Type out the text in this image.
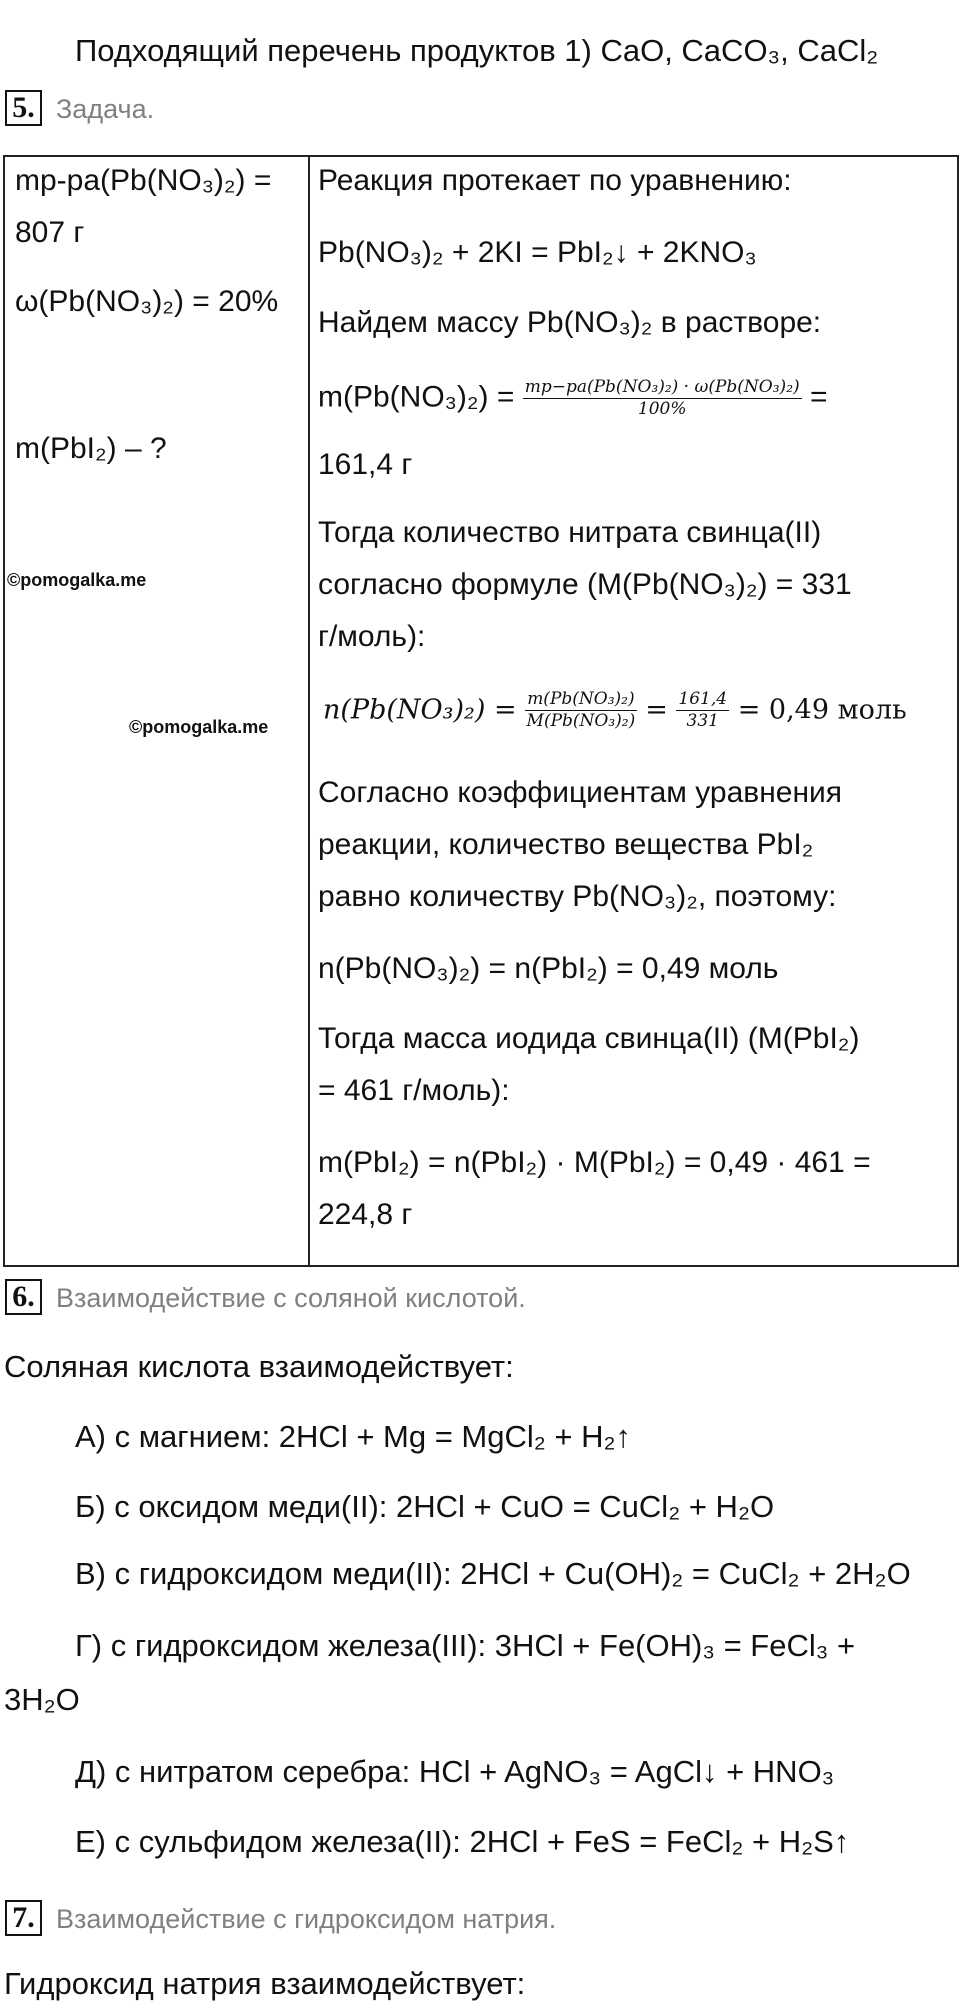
Подходящий перечень продуктов 1) CaO, CaCO₃, CaCl₂
5. Задача.
mр-ра(Pb(NO₃)₂) =
807 г
ω(Pb(NO₃)₂) = 20%
m(PbI₂) – ?
©pomogalka.me
©pomogalka.me
Реакция протекает по уравнению:
Pb(NO₃)₂ + 2KI = PbI₂↓ + 2KNO₃
Найдем массу Pb(NO₃)₂ в растворе:
$m(Pb(NO_3)_2) = \frac{\text{mр−ра(Pb(NO₃)₂) · ω(Pb(NO₃)₂)}}{100\%}$ =
161,4 г
Тогда количество нитрата свинца(II)
согласно формуле (M(Pb(NO₃)₂) = 331
г/моль):
$n(Pb(NO_3)_2) = \frac{\text{m(Pb(NO₃)₂)}}{\text{M(Pb(NO₃)₂)}} = \frac{161,4}{331} = 0,49$ моль
Согласно коэффициентам уравнения
реакции, количество вещества PbI₂
равно количеству Pb(NO₃)₂, поэтому:
n(Pb(NO₃)₂) = n(PbI₂) = 0,49 моль
Тогда масса иодида свинца(II) (M(PbI₂)
= 461 г/моль):
m(PbI₂) = n(PbI₂) · M(PbI₂) = 0,49 · 461 =
224,8 г
6. Взаимодействие с соляной кислотой.
Соляная кислота взаимодействует:
А) с магнием: 2HCl + Mg = MgCl₂ + H₂↑
Б) с оксидом меди(II): 2HCl + CuO = CuCl₂ + H₂O
В) с гидроксидом меди(II): 2HCl + Cu(OH)₂ = CuCl₂ + 2H₂O
Г) с гидроксидом железа(III): 3HCl + Fe(OH)₃ = FeCl₃ +
3H₂O
Д) с нитратом серебра: HCl + AgNO₃ = AgCl↓ + HNO₃
Е) с сульфидом железа(II): 2HCl + FeS = FeCl₂ + H₂S↑
7. Взаимодействие с гидроксидом натрия.
Гидроксид натрия взаимодействует:
